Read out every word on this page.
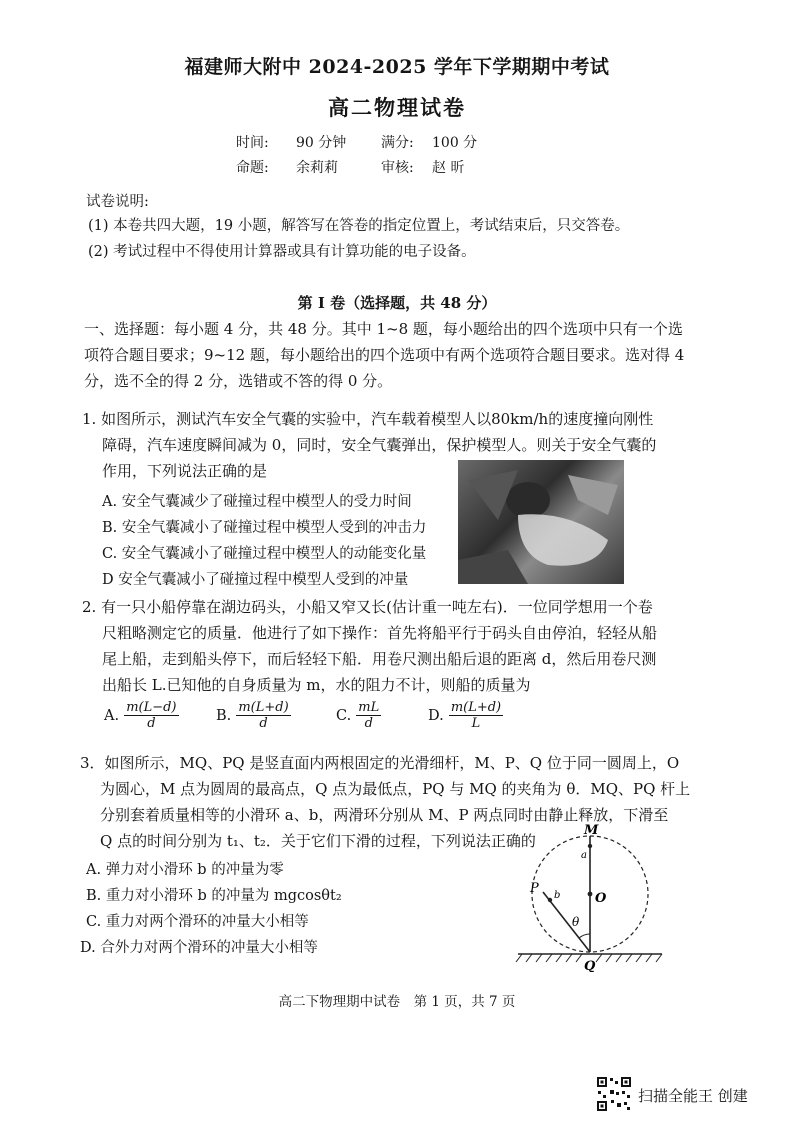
福建师大附中 2024-2025 学年下学期期中考试
高二物理试卷
时间: 90 分钟 满分: 100 分
命题: 余莉莉	审核: 赵 昕
试卷说明:
(1) 本卷共四大题，19 小题，解答写在答卷的指定位置上，考试结束后，只交答卷。
(2) 考试过程中不得使用计算器或具有计算功能的电子设备。
第 I 卷（选择题，共 48 分）
一、选择题：每小题 4 分，共 48 分。其中 1~8 题，每小题给出的四个选项中只有一个选
项符合题目要求；9~12 题，每小题给出的四个选项中有两个选项符合题目要求。选对得 4
分，选不全的得 2 分，选错或不答的得 0 分。
1. 如图所示，测试汽车安全气囊的实验中，汽车载着模型人以80km/h的速度撞向刚性
障碍，汽车速度瞬间减为 0，同时，安全气囊弹出，保护模型人。则关于安全气囊的
作用，下列说法正确的是
A. 安全气囊减少了碰撞过程中模型人的受力时间
B. 安全气囊减小了碰撞过程中模型人受到的冲击力
C. 安全气囊减小了碰撞过程中模型人的动能变化量
D 安全气囊减小了碰撞过程中模型人受到的冲量
2. 有一只小船停靠在湖边码头，小船又窄又长(估计重一吨左右)．一位同学想用一个卷
尺粗略测定它的质量．他进行了如下操作：首先将船平行于码头自由停泊，轻轻从船
尾上船，走到船头停下，而后轻轻下船．用卷尺测出船后退的距离 d，然后用卷尺测
出船长 L.已知他的自身质量为 m，水的阻力不计，则船的质量为
A. $\frac{m(L-d)}{d}$	B. $\frac{m(L+d)}{d}$	C. $\frac{mL}{d}$	D. $\frac{m(L+d)}{L}$
3．如图所示，MQ、PQ 是竖直面内两根固定的光滑细杆，M、P、Q 位于同一圆周上，O
为圆心，M 点为圆周的最高点，Q 点为最低点，PQ 与 MQ 的夹角为 θ．MQ、PQ 杆上
分别套着质量相等的小滑环 a、b，两滑环分别从 M、P 两点同时由静止释放，下滑至
Q 点的时间分别为 t₁、t₂．关于它们下滑的过程，下列说法正确的
A. 弹力对小滑环 b 的冲量为零
B. 重力对小滑环 b 的冲量为 mgcosθt₂
C. 重力对两个滑环的冲量大小相等
D. 合外力对两个滑环的冲量大小相等
M
a
P b	O
θ
Q
高二下物理期中试卷　第 1 页，共 7 页
扫描全能王 创建
